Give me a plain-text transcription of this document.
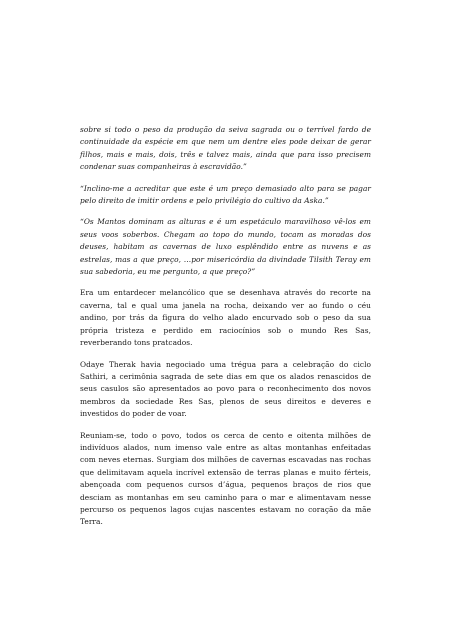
sobre si todo o peso da produção da seiva sagrada ou o terrível fardo de continuidade da espécie em que nem um dentre eles pode deixar de gerar filhos, mais e mais, dois, três e talvez mais, ainda que para isso precisem condenar suas companheiras à escravidão.”

“Inclino-me a acreditar que este é um preço demasiado alto para se pagar pelo direito de imitir ordens e pelo privilégio do cultivo da Aska.”

“Os Mantos dominam as alturas e é um espetáculo maravilhoso vê-los em seus voos soberbos. Chegam ao topo do mundo, tocam as moradas dos deuses, habitam as cavernas de luxo esplêndido entre as nuvens e as estrelas, mas a que preço, …por misericórdia da divindade Tilsith Teray em sua sabedoria, eu me pergunto, a que preço?”

Era um entardecer melancólico que se desenhava através do recorte na caverna, tal e qual uma janela na rocha, deixando ver ao fundo o céu andino, por trás da figura do velho alado encurvado sob o peso da sua própria tristeza e perdido em raciocínios sob o mundo Res Sas, reverberando tons pratcados.

Odaye Therak havia negociado uma trégua para a celebração do ciclo Sathiri, a cerimônia sagrada de sete dias em que os alados renascidos de seus casulos são apresentados ao povo para o reconhecimento dos novos membros da sociedade Res Sas, plenos de seus direitos e deveres e investidos do poder de voar.

Reuniam-se, todo o povo, todos os cerca de cento e oitenta milhões de indivíduos alados, num imenso vale entre as altas montanhas enfeitadas com neves eternas. Surgiam dos milhões de cavernas escavadas nas rochas que delimitavam aquela incrível extensão de terras planas e muito férteis, abençoada com pequenos cursos d’água, pequenos braços de rios que desciam as montanhas em seu caminho para o mar e alimentavam nesse percurso os pequenos lagos cujas nascentes estavam no coração da mãe Terra.
